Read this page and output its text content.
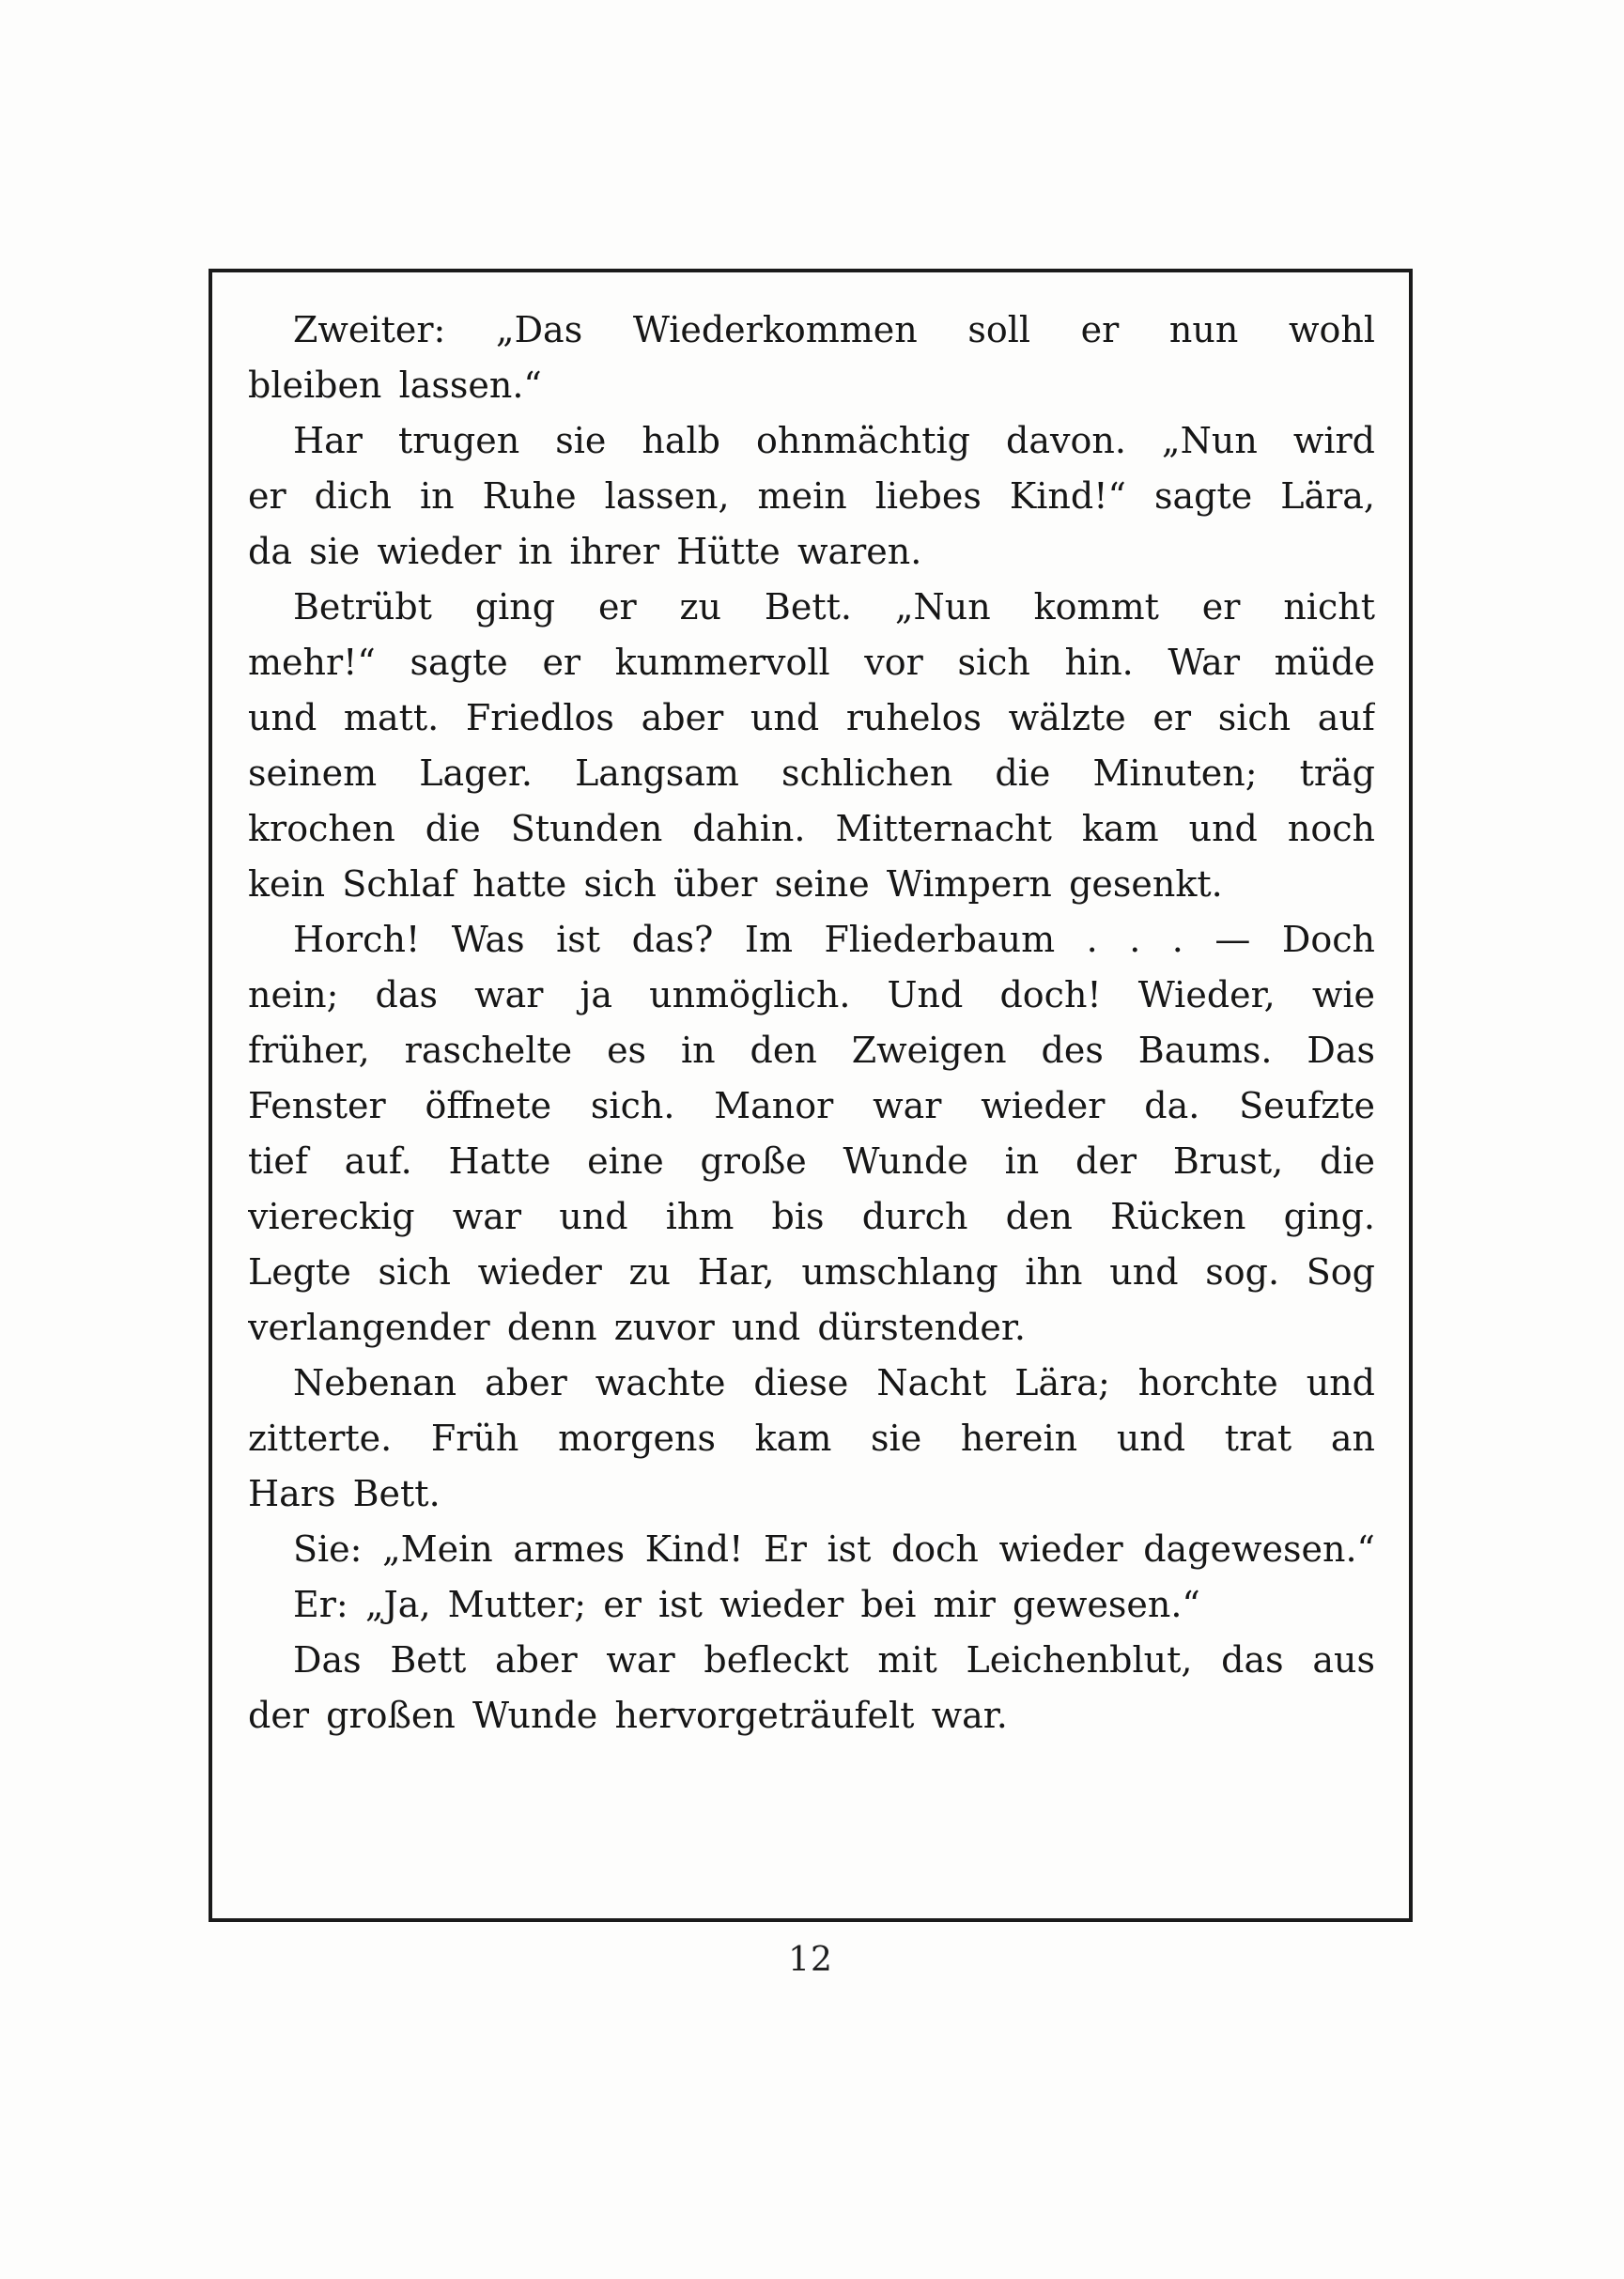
Zweiter: „Das Wiederkommen soll er nun wohl
bleiben lassen.“
Har trugen sie halb ohnmächtig davon. „Nun wird
er dich in Ruhe lassen, mein liebes Kind!“ sagte Lära,
da sie wieder in ihrer Hütte waren.
Betrübt ging er zu Bett. „Nun kommt er nicht
mehr!“ sagte er kummervoll vor sich hin. War müde
und matt. Friedlos aber und ruhelos wälzte er sich auf
seinem Lager. Langsam schlichen die Minuten; träg
krochen die Stunden dahin. Mitternacht kam und noch
kein Schlaf hatte sich über seine Wimpern gesenkt.
Horch! Was ist das? Im Fliederbaum . . . — Doch
nein; das war ja unmöglich. Und doch! Wieder, wie
früher, raschelte es in den Zweigen des Baums. Das
Fenster öffnete sich. Manor war wieder da. Seufzte
tief auf. Hatte eine große Wunde in der Brust, die
viereckig war und ihm bis durch den Rücken ging.
Legte sich wieder zu Har, umschlang ihn und sog. Sog
verlangender denn zuvor und dürstender.
Nebenan aber wachte diese Nacht Lära; horchte und
zitterte. Früh morgens kam sie herein und trat an
Hars Bett.
Sie: „Mein armes Kind! Er ist doch wieder dagewesen.“
Er: „Ja, Mutter; er ist wieder bei mir gewesen.“
Das Bett aber war befleckt mit Leichenblut, das aus
der großen Wunde hervorgeträufelt war.
12
